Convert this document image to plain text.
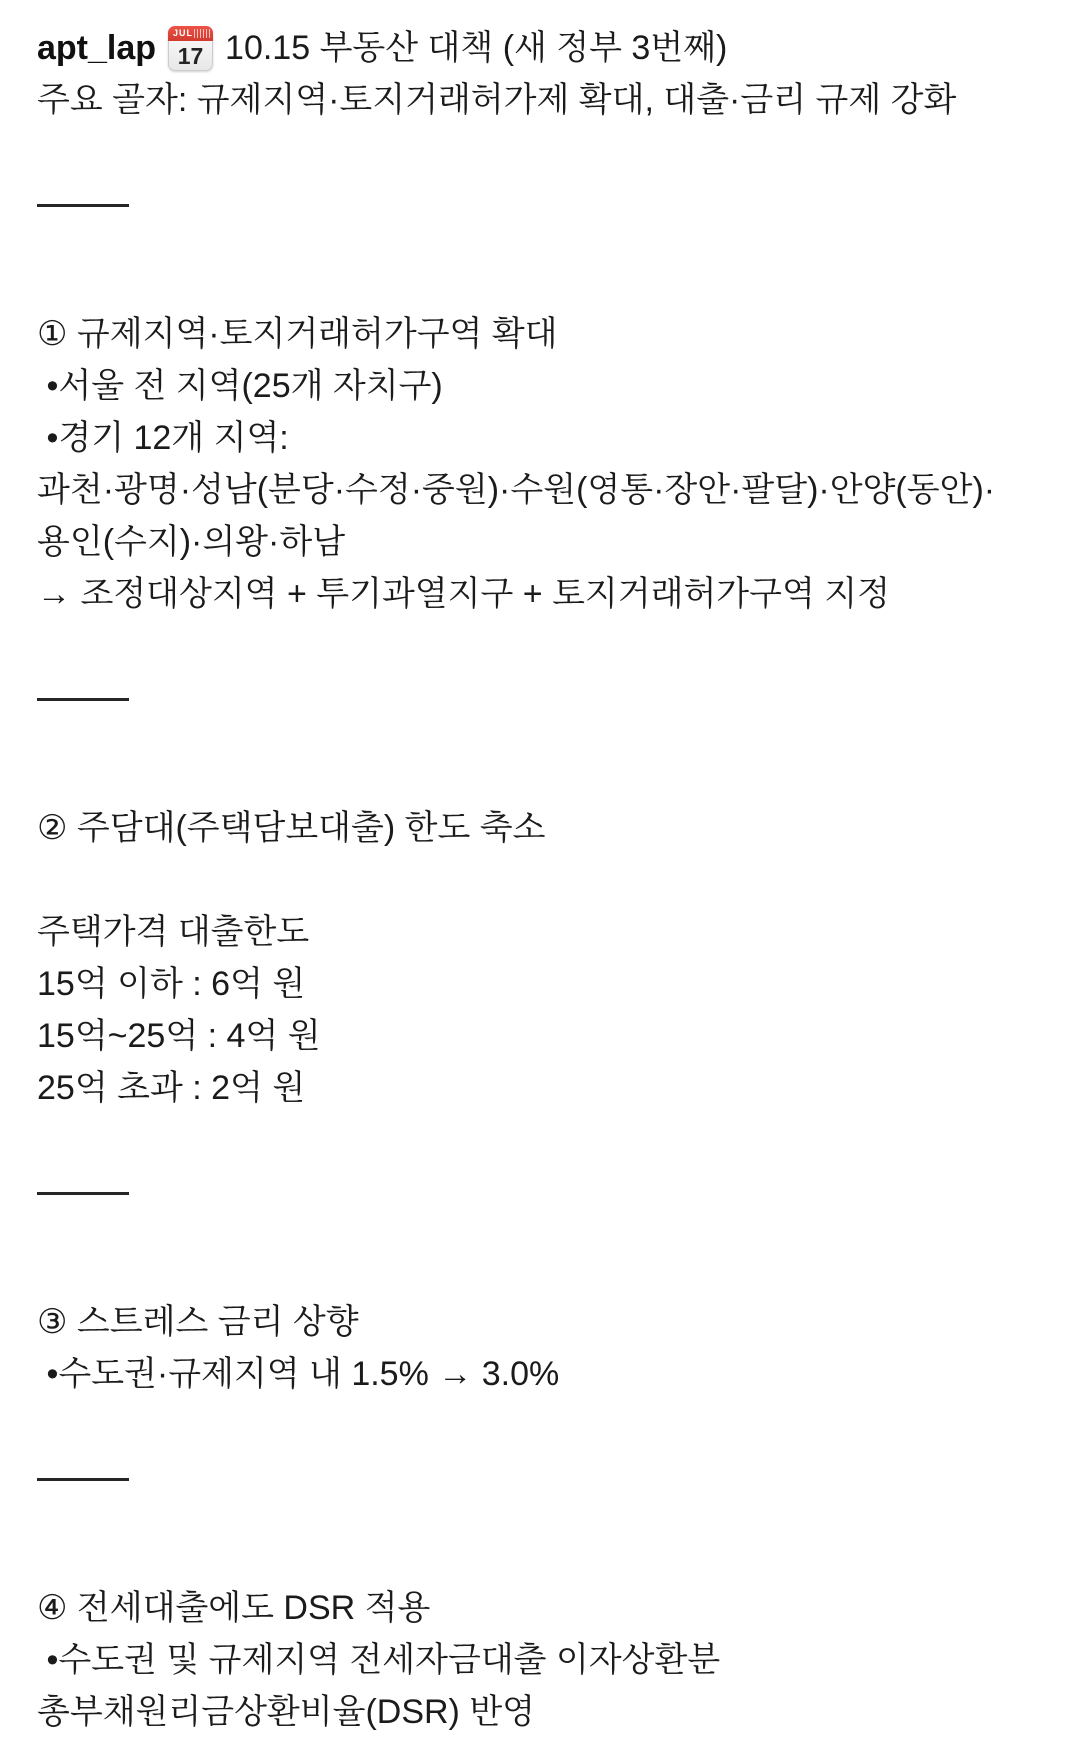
apt_lap

	JUL

17

10.15 부동산 대책 (새 정부 3번째)
주요 골자: 규제지역·토지거래허가제 확대, 대출·금리 규제 강화
① 규제지역·토지거래허가구역 확대
•서울 전 지역(25개 자치구)
•경기 12개 지역:
과천·광명·성남(분당·수정·중원)·수원(영통·장안·팔달)·안양(동안)·
용인(수지)·의왕·하남
→ 조정대상지역 + 투기과열지구 + 토지거래허가구역 지정
② 주담대(주택담보대출) 한도 축소
주택가격 대출한도
15억 이하 : 6억 원
15억~25억 : 4억 원
25억 초과 : 2억 원
③ 스트레스 금리 상향
•수도권·규제지역 내 1.5% → 3.0%
④ 전세대출에도 DSR 적용
•수도권 및 규제지역 전세자금대출 이자상환분
총부채원리금상환비율(DSR) 반영
